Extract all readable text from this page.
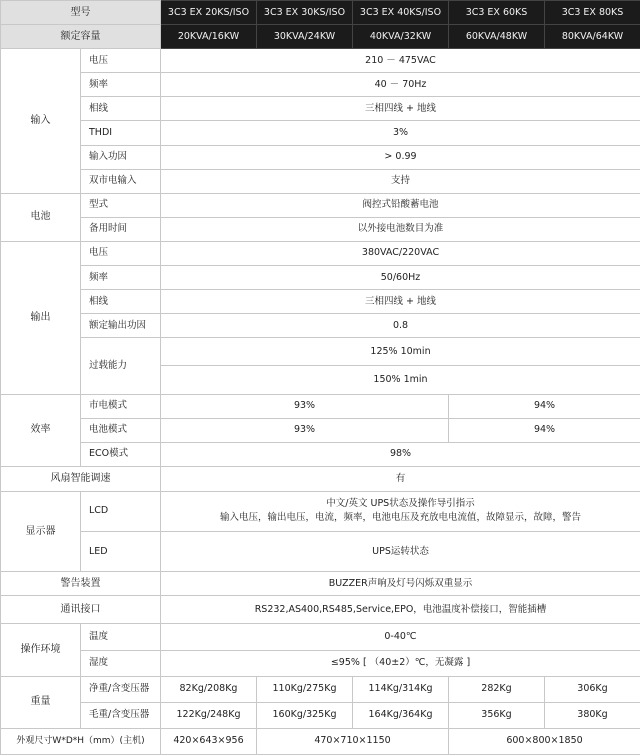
型号		3C3 EX 20KS/ISO	3C3 EX 30KS/ISO	3C3 EX 40KS/ISO	3C3 EX 60KS	3C3 EX 80KS
额定容量		20KVA/16KW	30KVA/24KW	40KVA/32KW	60KVA/48KW	80KVA/64KW
输入	电压	210 － 475VAC				
	频率	40 － 70Hz				
	相线	三相四线 + 地线				
	THDI	3%				
	输入功因	> 0.99				
	双市电输入	支持				
电池	型式	阀控式铅酸蓄电池				
	备用时间	以外接电池数目为准				
输出	电压	380VAC/220VAC				
	频率	50/60Hz				
	相线	三相四线 + 地线				
	额定输出功因	0.8				
	过载能力	125% 10min				
		150% 1min				
效率	市电模式	93%			94%	
	电池模式	93%			94%	
	ECO模式	98%				
风扇智能调速		有				
显示器	LCD	中文/英文 UPS状态及操作导引指示
输入电压，输出电压，电流，频率，电池电压及充放电电流值，故障显示，故障，警告				

	LED	UPS运转状态				
警告装置		BUZZER声响及灯号闪烁双重显示				
通讯接口		RS232,AS400,RS485,Service,EPO，电池温度补偿接口，智能插槽				
操作环境	温度	0-40℃				
	湿度	≤95% [ （40±2）℃，无凝露 ]				
重量	净重/含变压器	82Kg/208Kg	110Kg/275Kg	114Kg/314Kg	282Kg	306Kg
	毛重/含变压器	122Kg/248Kg	160Kg/325Kg	164Kg/364Kg	356Kg	380Kg
外观尺寸W*D*H（mm）(主机)		420×643×956	470×710×1150		600×800×1850	
